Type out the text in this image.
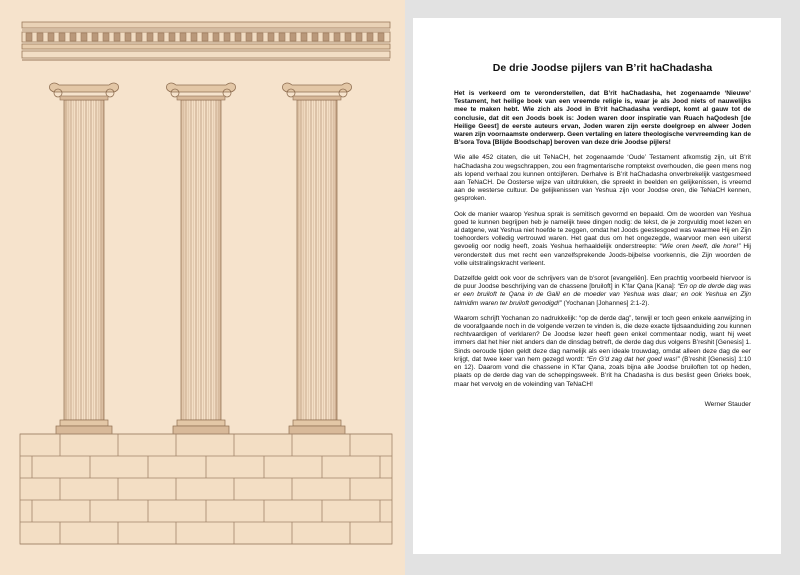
De drie Joodse pijlers van B’rit haChadasha

Het is verkeerd om te veronderstellen, dat B’rit haChadasha, het zogenaamde ‘Nieuwe’ Testament, het heilige boek van een vreemde religie is, waar je als Jood niets of nauwelijks mee te maken hebt. Wie zich als Jood in B’rit haChadasha verdiept, komt al gauw tot de conclusie, dat dit een Joods boek is: Joden waren door inspiratie van Ruach haQodesh [de Heilige Geest] de eerste auteurs ervan, Joden waren zijn eerste doelgroep en alweer Joden waren zijn voornaamste onderwerp. Geen vertaling en latere theologische vervreemding kan de B’sora Tova [Blijde Boodschap] beroven van deze drie Joodse pijlers!

Wie alle 452 citaten, die uit TeNaCH, het zogenaamde ‘Oude’ Testament afkomstig zijn, uit B’rit haChadasha zou wegschrappen, zou een fragmentarische romptekst overhouden, die geen mens nog als lopend verhaal zou kunnen ontcijferen. Derhalve is B’rit haChadasha onverbrekelijk vastgesmeed aan TeNaCH. De Oosterse wijze van uitdrukken, die spreekt in beelden en gelijkenissen, is vreemd aan de westerse cultuur. De gelijkenissen van Yeshua zijn voor Joodse oren, die TeNaCH kennen, gesproken.

Ook de manier waarop Yeshua sprak is semitisch gevormd en bepaald. Om de woorden van Yeshua goed te kunnen begrijpen heb je namelijk twee dingen nodig: de tekst, de je zorgvuldig moet lezen en al datgene, wat Yeshua niet hoefde te zeggen, omdat het Joods geestesgoed was waarmee Hij en Zijn toehoorders volledig vertrouwd waren. Het gaat dus om het ongezegde, waarvoor men een uiterst gevoelig oor nodig heeft, zoals Yeshua herhaaldelijk onderstreepte: “Wie oren heeft, die hore!” Hij veronderstelt dus met recht een vanzelfsprekende Joods-bijbelse voorkennis, die Zijn woorden de volle uitstralingskracht verleent.

Datzelfde geldt ook voor de schrijvers van de b’sorot [evangeliën]. Een prachtig voorbeeld hiervoor is de puur Joodse beschrijving van de chassene [bruiloft] in K’far Qana [Kana]: “En op de derde dag was er een bruiloft te Qana in de Galil en de moeder van Yeshua was daar; en ook Yeshua en Zijn talmidim waren ter bruiloft genodigd!” (Yochanan [Johannes] 2:1-2).

Waarom schrijft Yochanan zo nadrukkelijk: “op de derde dag”, terwijl er toch geen enkele aanwijzing in de voorafgaande noch in de volgende verzen te vinden is, die deze exacte tijdsaanduiding zou kunnen rechtvaardigen of verklaren? De Joodse lezer heeft geen enkel commentaar nodig, want hij weet immers dat het hier niet anders dan de dinsdag betreft, de derde dag dus volgens B’reshit [Genesis] 1. Sinds oeroude tijden geldt deze dag namelijk als een ideale trouwdag, omdat alleen deze dag de eer krijgt, dat twee keer van hem gezegd wordt: “En G’d zag dat het goed was!” (B’reshit [Genesis] 1:10 en 12). Daarom vond die chassene in K’far Qana, zoals bijna alle Joodse bruiloften tot op heden, plaats op de derde dag van de scheppingsweek. B’rit ha Chadasha is dus beslist geen Grieks boek, maar het vervolg en de voleinding van TeNaCH!

Werner Stauder
